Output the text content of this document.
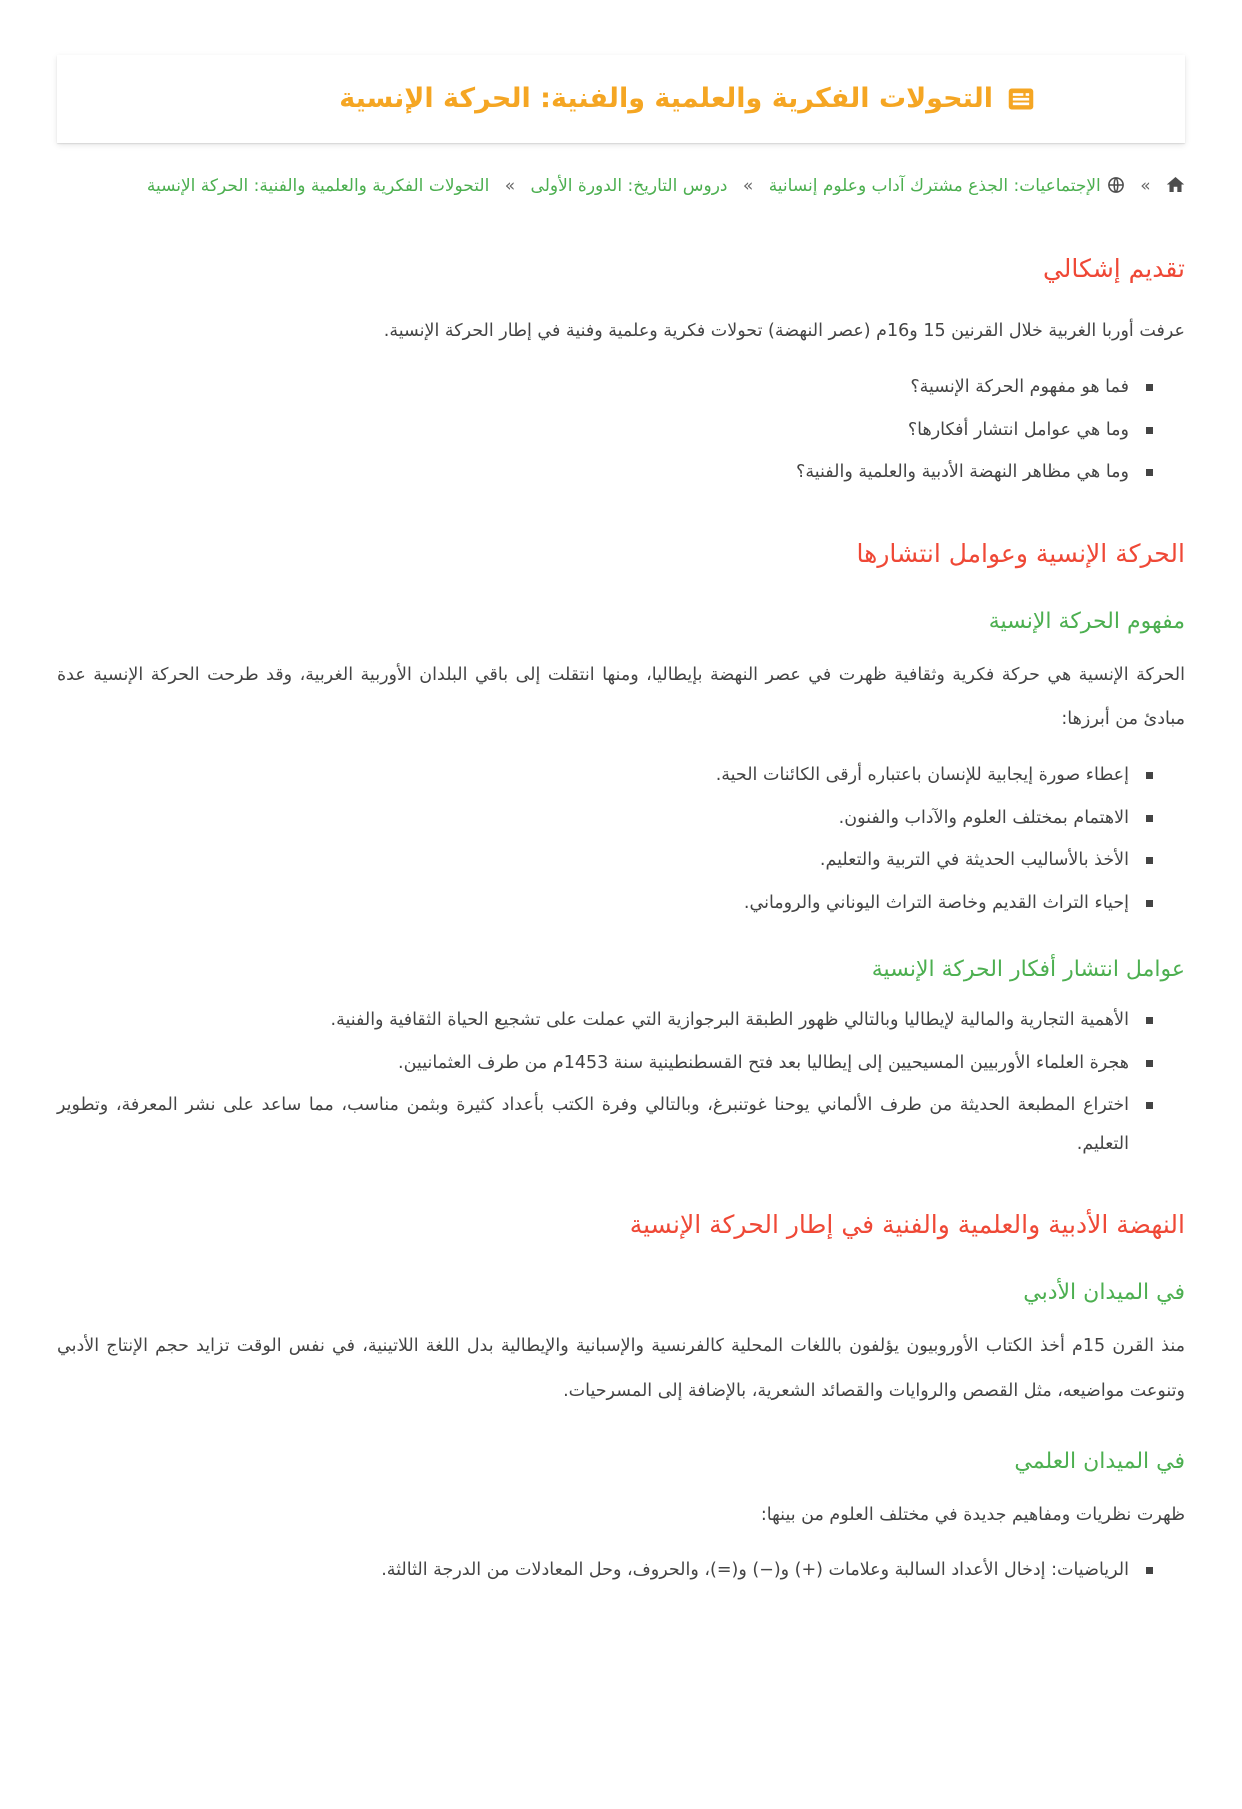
التحولات الفكرية والعلمية والفنية: الحركة الإنسية
» الإجتماعيات: الجذع مشترك آداب وعلوم إنسانية » دروس التاريخ: الدورة الأولى » التحولات الفكرية والعلمية والفنية: الحركة الإنسية
تقديم إشكالي

عرفت أوربا الغربية خلال القرنين 15 و16م (عصر النهضة) تحولات فكرية وعلمية وفنية في إطار الحركة الإنسية.

فما هو مفهوم الحركة الإنسية؟
وما هي عوامل انتشار أفكارها؟
وما هي مظاهر النهضة الأدبية والعلمية والفنية؟
الحركة الإنسية وعوامل انتشارها
مفهوم الحركة الإنسية

الحركة الإنسية هي حركة فكرية وثقافية ظهرت في عصر النهضة بإيطاليا، ومنها انتقلت إلى باقي البلدان الأوربية الغربية، وقد طرحت الحركة الإنسية عدة مبادئ من أبرزها:

إعطاء صورة إيجابية للإنسان باعتباره أرقى الكائنات الحية.
الاهتمام بمختلف العلوم والآداب والفنون.
الأخذ بالأساليب الحديثة في التربية والتعليم.
إحياء التراث القديم وخاصة التراث اليوناني والروماني.
عوامل انتشار أفكار الحركة الإنسية
الأهمية التجارية والمالية لإيطاليا وبالتالي ظهور الطبقة البرجوازية التي عملت على تشجيع الحياة الثقافية والفنية.
هجرة العلماء الأوربيين المسيحيين إلى إيطاليا بعد فتح القسطنطينية سنة 1453م من طرف العثمانيين.
اختراع المطبعة الحديثة من طرف الألماني يوحنا غوتنبرغ، وبالتالي وفرة الكتب بأعداد كثيرة وبثمن مناسب، مما ساعد على نشر المعرفة، وتطوير التعليم.
النهضة الأدبية والعلمية والفنية في إطار الحركة الإنسية
في الميدان الأدبي

منذ القرن 15م أخذ الكتاب الأوروبيون يؤلفون باللغات المحلية كالفرنسية والإسبانية والإيطالية بدل اللغة اللاتينية، في نفس الوقت تزايد حجم الإنتاج الأدبي وتنوعت مواضيعه، مثل القصص والروايات والقصائد الشعرية، بالإضافة إلى المسرحيات.

في الميدان العلمي

ظهرت نظريات ومفاهيم جديدة في مختلف العلوم من بينها:

الرياضيات: إدخال الأعداد السالبة وعلامات (+) و(−) و(=)، والحروف، وحل المعادلات من الدرجة الثالثة.
